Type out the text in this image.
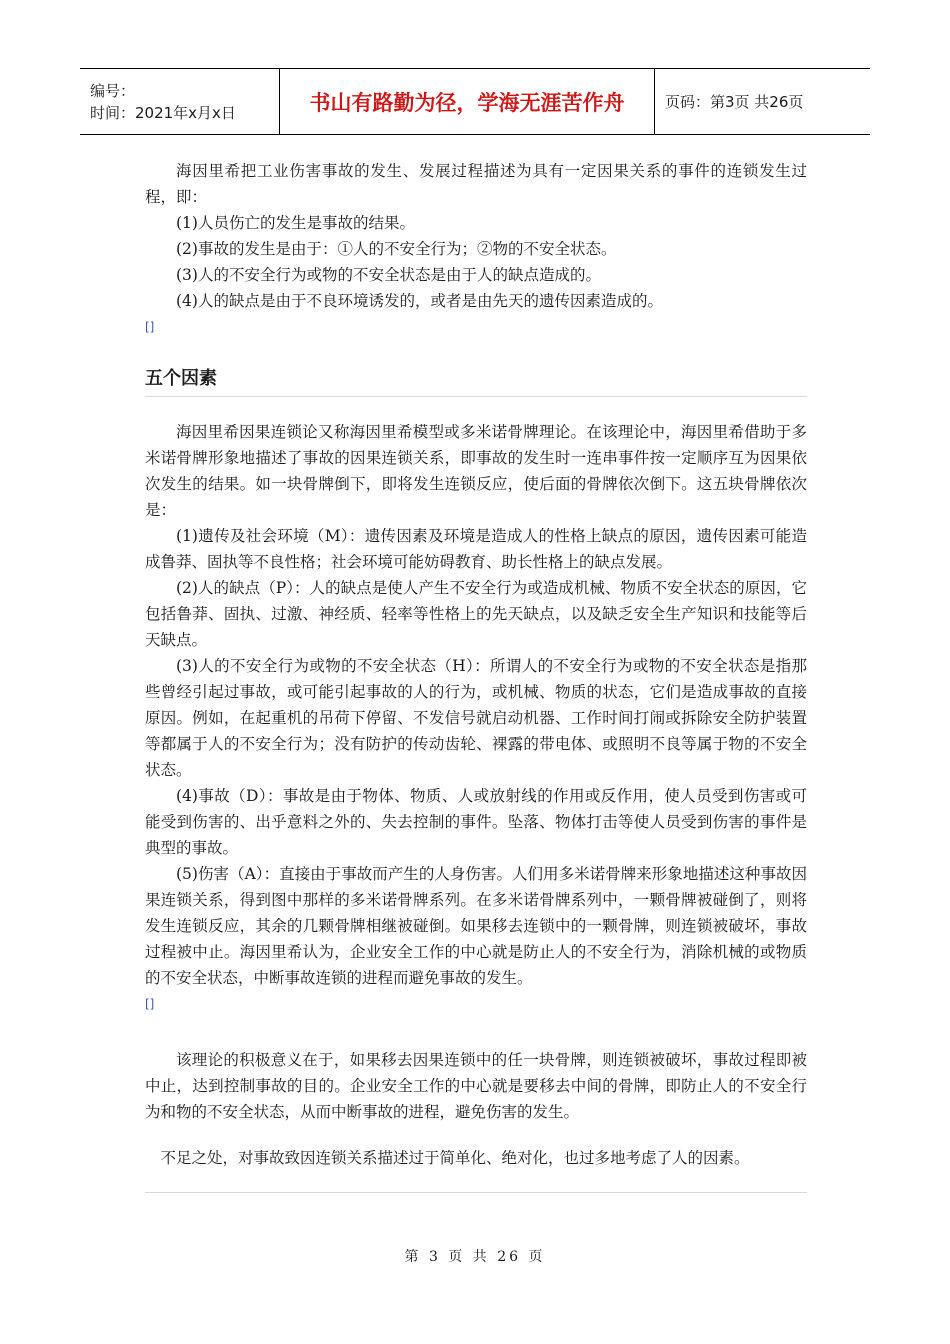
编号：
时间：2021年x月x日	书山有路勤为径，学海无涯苦作舟	页码：第3页 共26页

海因里希把工业伤害事故的发生、发展过程描述为具有一定因果关系的事件的连锁发生过程，即：

(1)人员伤亡的发生是事故的结果。

(2)事故的发生是由于：①人的不安全行为；②物的不安全状态。

(3)人的不安全行为或物的不安全状态是由于人的缺点造成的。

(4)人的缺点是由于不良环境诱发的，或者是由先天的遗传因素造成的。

[]
五个因素

海因里希因果连锁论又称海因里希模型或多米诺骨牌理论。在该理论中，海因里希借助于多米诺骨牌形象地描述了事故的因果连锁关系，即事故的发生时一连串事件按一定顺序互为因果依次发生的结果。如一块骨牌倒下，即将发生连锁反应，使后面的骨牌依次倒下。这五块骨牌依次是：

(1)遗传及社会环境（M）：遗传因素及环境是造成人的性格上缺点的原因，遗传因素可能造成鲁莽、固执等不良性格；社会环境可能妨碍教育、助长性格上的缺点发展。

(2)人的缺点（P）：人的缺点是使人产生不安全行为或造成机械、物质不安全状态的原因，它包括鲁莽、固执、过激、神经质、轻率等性格上的先天缺点，以及缺乏安全生产知识和技能等后天缺点。

(3)人的不安全行为或物的不安全状态（H）：所谓人的不安全行为或物的不安全状态是指那些曾经引起过事故，或可能引起事故的人的行为，或机械、物质的状态，它们是造成事故的直接原因。例如，在起重机的吊荷下停留、不发信号就启动机器、工作时间打闹或拆除安全防护装置等都属于人的不安全行为；没有防护的传动齿轮、裸露的带电体、或照明不良等属于物的不安全状态。

(4)事故（D）：事故是由于物体、物质、人或放射线的作用或反作用，使人员受到伤害或可能受到伤害的、出乎意料之外的、失去控制的事件。坠落、物体打击等使人员受到伤害的事件是典型的事故。

(5)伤害（A）：直接由于事故而产生的人身伤害。人们用多米诺骨牌来形象地描述这种事故因果连锁关系，得到图中那样的多米诺骨牌系列。在多米诺骨牌系列中，一颗骨牌被碰倒了，则将发生连锁反应，其余的几颗骨牌相继被碰倒。如果移去连锁中的一颗骨牌，则连锁被破坏，事故过程被中止。海因里希认为，企业安全工作的中心就是防止人的不安全行为，消除机械的或物质的不安全状态，中断事故连锁的进程而避免事故的发生。

[]

该理论的积极意义在于，如果移去因果连锁中的任一块骨牌，则连锁被破坏，事故过程即被中止，达到控制事故的目的。企业安全工作的中心就是要移去中间的骨牌，即防止人的不安全行为和物的不安全状态，从而中断事故的进程，避免伤害的发生。

不足之处，对事故致因连锁关系描述过于简单化、绝对化，也过多地考虑了人的因素。

第 3 页 共 26 页
